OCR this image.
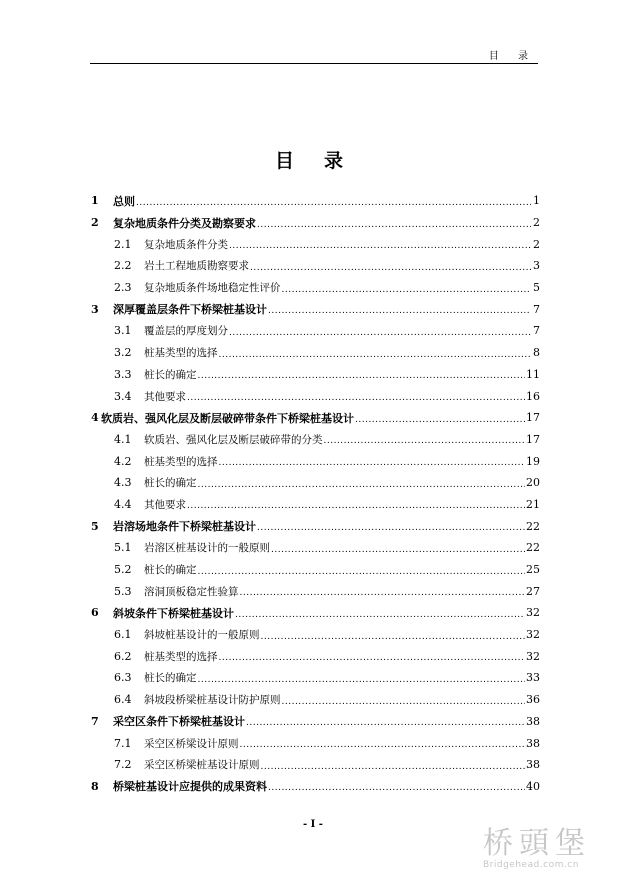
目 录
目录
1	总则 .....	1
2	复杂地质条件分类及勘察要求 .....	2
2.1	复杂地质条件分类 .....	2
2.2	岩土工程地质勘察要求 .....	3
2.3	复杂地质条件场地稳定性评价 .....	5
3	深厚覆盖层条件下桥梁桩基设计 .....	7
3.1	覆盖层的厚度划分 .....	7
3.2	桩基类型的选择 .....	8
3.3	桩长的确定 .....	11
3.4	其他要求 .....	16
4 软质岩、强风化层及断层破碎带条件下桥梁桩基设计 .....	17
4.1	软质岩、强风化层及断层破碎带的分类 .....	17
4.2	桩基类型的选择 .....	19
4.3	桩长的确定 .....	20
4.4	其他要求 .....	21
5	岩溶场地条件下桥梁桩基设计 .....	22
5.1	岩溶区桩基设计的一般原则 .....	22
5.2	桩长的确定 .....	25
5.3	溶洞顶板稳定性验算 .....	27
6	斜坡条件下桥梁桩基设计 .....	32
6.1	斜坡桩基设计的一般原则 .....	32
6.2	桩基类型的选择 .....	32
6.3	桩长的确定 .....	33
6.4	斜坡段桥梁桩基设计防护原则 .....	36
7	采空区条件下桥梁桩基设计 .....	38
7.1	采空区桥梁设计原则 .....	38
7.2	采空区桥梁桩基设计原则 .....	38
8	桥梁桩基设计应提供的成果资料 .....	40
- I -
桥頭堡
Bridgehead.com.cn
